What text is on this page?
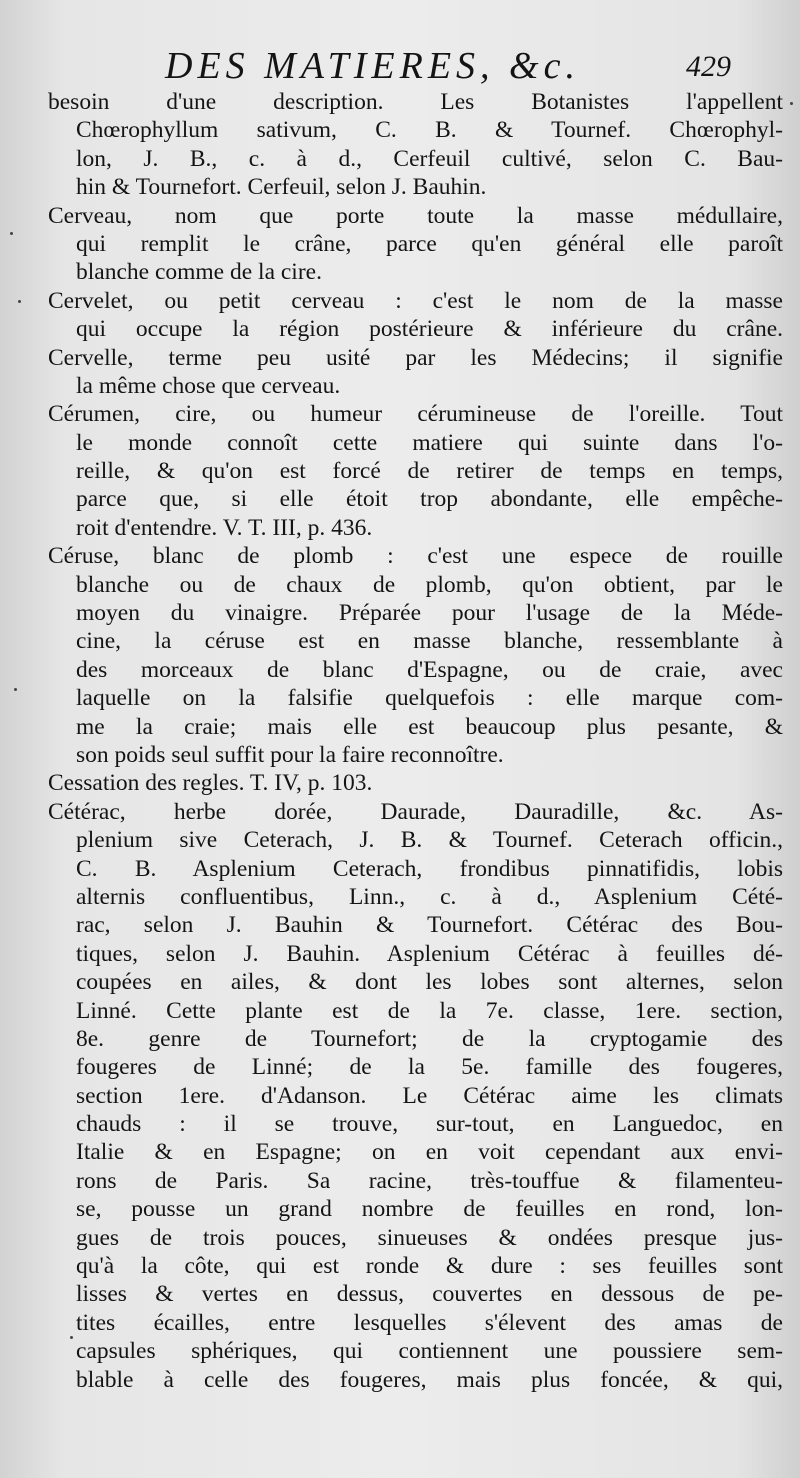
DES MATIERES, &c.	429
besoin d'une description. Les Botanistes l'appellent
Chœrophyllum sativum, C. B. & Tournef. Chœrophyl-
lon, J. B., c. à d., Cerfeuil cultivé, selon C. Bau-
hin & Tournefort. Cerfeuil, selon J. Bauhin.
Cerveau, nom que porte toute la masse médullaire,
qui remplit le crâne, parce qu'en général elle paroît
blanche comme de la cire.
Cervelet, ou petit cerveau : c'est le nom de la masse
qui occupe la région postérieure & inférieure du crâne.
Cervelle, terme peu usité par les Médecins; il signifie
la même chose que cerveau.
Cérumen, cire, ou humeur cérumineuse de l'oreille. Tout
le monde connoît cette matiere qui suinte dans l'o-
reille, & qu'on est forcé de retirer de temps en temps,
parce que, si elle étoit trop abondante, elle empêche-
roit d'entendre. V. T. III, p. 436.
Céruse, blanc de plomb : c'est une espece de rouille
blanche ou de chaux de plomb, qu'on obtient, par le
moyen du vinaigre. Préparée pour l'usage de la Méde-
cine, la céruse est en masse blanche, ressemblante à
des morceaux de blanc d'Espagne, ou de craie, avec
laquelle on la falsifie quelquefois : elle marque com-
me la craie; mais elle est beaucoup plus pesante, &
son poids seul suffit pour la faire reconnoître.
Cessation des regles. T. IV, p. 103.
Cétérac, herbe dorée, Daurade, Dauradille, &c. As-
plenium sive Ceterach, J. B. & Tournef. Ceterach officin.,
C. B. Asplenium Ceterach, frondibus pinnatifidis, lobis
alternis confluentibus, Linn., c. à d., Asplenium Cété-
rac, selon J. Bauhin & Tournefort. Cétérac des Bou-
tiques, selon J. Bauhin. Asplenium Cétérac à feuilles dé-
coupées en ailes, & dont les lobes sont alternes, selon
Linné. Cette plante est de la 7e. classe, 1ere. section,
8e. genre de Tournefort; de la cryptogamie des
fougeres de Linné; de la 5e. famille des fougeres,
section 1ere. d'Adanson. Le Cétérac aime les climats
chauds : il se trouve, sur-tout, en Languedoc, en
Italie & en Espagne; on en voit cependant aux envi-
rons de Paris. Sa racine, très-touffue & filamenteu-
se, pousse un grand nombre de feuilles en rond, lon-
gues de trois pouces, sinueuses & ondées presque jus-
qu'à la côte, qui est ronde & dure : ses feuilles sont
lisses & vertes en dessus, couvertes en dessous de pe-
tites écailles, entre lesquelles s'élevent des amas de
capsules sphériques, qui contiennent une poussiere sem-
blable à celle des fougeres, mais plus foncée, & qui,
